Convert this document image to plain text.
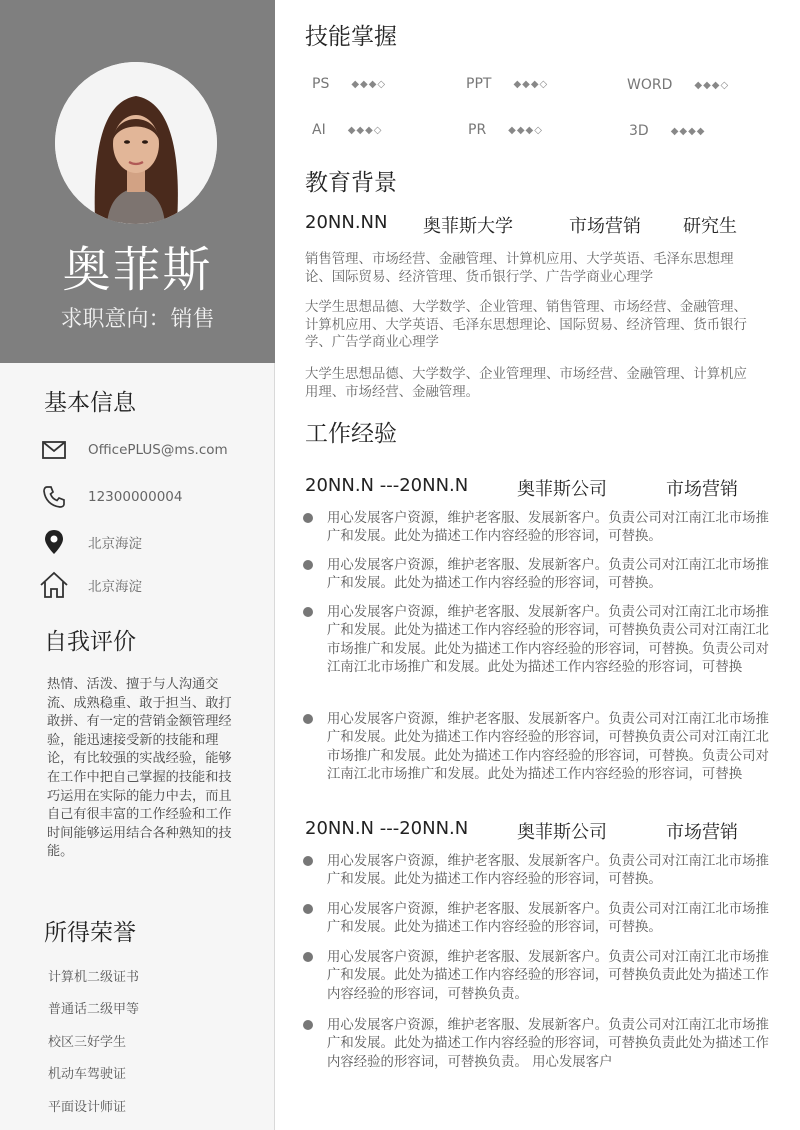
奥菲斯
求职意向：销售
基本信息
OfficePLUS@ms.com
12300000004
北京海淀
北京海淀
自我评价
热情、活泼、擅于与人沟通交流、成熟稳重、敢于担当、敢打敢拼、有一定的营销金额管理经验，能迅速接受新的技能和理论，有比较强的实战经验，能够在工作中把自己掌握的技能和技巧运用在实际的能力中去，而且自己有很丰富的工作经验和工作时间能够运用结合各种熟知的技能。
所得荣誉
计算机二级证书
普通话二级甲等
校区三好学生
机动车驾驶证
平面设计师证
技能掌握
PS ◆◆◆◇	PPT ◆◆◆◇	WORD ◆◆◆◇
AI ◆◆◆◇	PR ◆◆◆◇	3D ◆◆◆◆
教育背景
20NN.NN 奥菲斯大学	市场营销 研究生
销售管理、市场经营、金融管理、计算机应用、大学英语、毛泽东思想理论、国际贸易、经济管理、货币银行学、广告学商业心理学
大学生思想品德、大学数学、企业管理、销售管理、市场经营、金融管理、计算机应用、大学英语、毛泽东思想理论、国际贸易、经济管理、货币银行学、广告学商业心理学
大学生思想品德、大学数学、企业管理理、市场经营、金融管理、计算机应用理、市场经营、金融管理。
工作经验
20NN.N ---20NN.N	奥菲斯公司	市场营销
用心发展客户资源，维护老客服、发展新客户。负责公司对江南江北市场推广和发展。此处为描述工作内容经验的形容词，可替换。
用心发展客户资源，维护老客服、发展新客户。负责公司对江南江北市场推广和发展。此处为描述工作内容经验的形容词，可替换。
用心发展客户资源，维护老客服、发展新客户。负责公司对江南江北市场推广和发展。此处为描述工作内容经验的形容词，可替换负责公司对江南江北市场推广和发展。此处为描述工作内容经验的形容词，可替换。负责公司对江南江北市场推广和发展。此处为描述工作内容经验的形容词，可替换
用心发展客户资源，维护老客服、发展新客户。负责公司对江南江北市场推广和发展。此处为描述工作内容经验的形容词，可替换负责公司对江南江北市场推广和发展。此处为描述工作内容经验的形容词，可替换。负责公司对江南江北市场推广和发展。此处为描述工作内容经验的形容词，可替换
20NN.N ---20NN.N	奥菲斯公司	市场营销
用心发展客户资源，维护老客服、发展新客户。负责公司对江南江北市场推广和发展。此处为描述工作内容经验的形容词，可替换。
用心发展客户资源，维护老客服、发展新客户。负责公司对江南江北市场推广和发展。此处为描述工作内容经验的形容词，可替换。
用心发展客户资源，维护老客服、发展新客户。负责公司对江南江北市场推广和发展。此处为描述工作内容经验的形容词，可替换负责此处为描述工作内容经验的形容词，可替换负责。
用心发展客户资源，维护老客服、发展新客户。负责公司对江南江北市场推广和发展。此处为描述工作内容经验的形容词，可替换负责此处为描述工作内容经验的形容词，可替换负责。 用心发展客户
